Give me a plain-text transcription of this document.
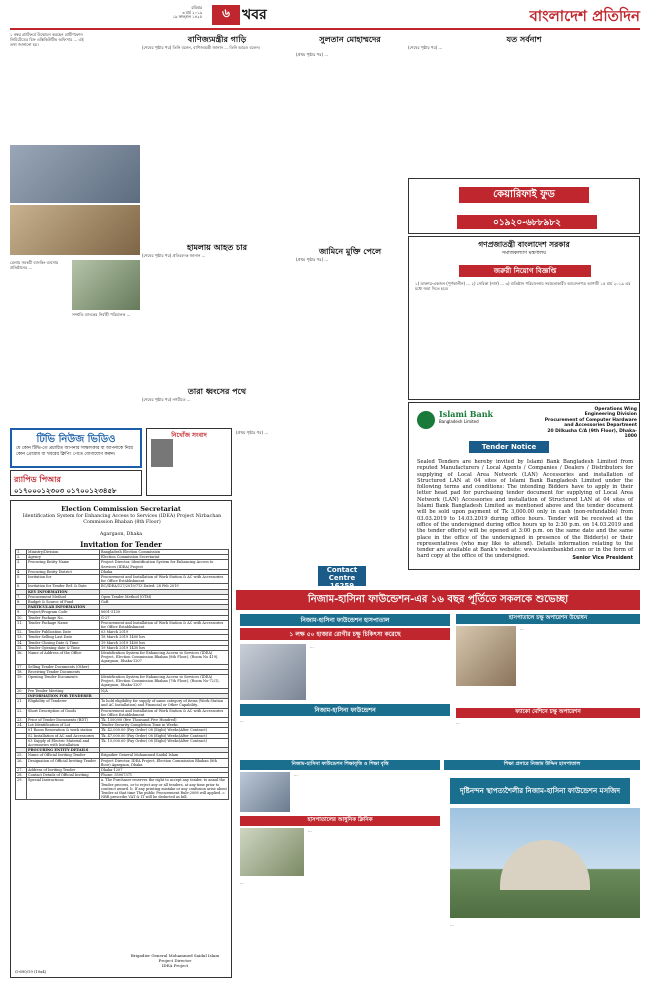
রবিবার
৩ মার্চ ২০১৯
১৯ ফাল্গুন ১৪২৫	৬ খবর	বাংলাদেশ প্রতিদিন
১ নম্বর প্ল্যাটফর্মে উন্মোচন করছেন গ্রামীণফোন লিমিটেডের চিফ এক্সিকিউটিভ অফিসার ... এই তথ্য জানানো হয়।
মেলায় সমন্বয়ী ব্যাংকিং ব্যবসায় প্রতিষ্ঠানের ...
সম্প্রতি ব্যাংকের নির্বাহী পরিচালক ...
টিভি নিউজ ভিডিও
যে কোন টিভি-তে প্রচারিত আপনার সাক্ষাৎকার বা আপনাকে নিয়ে কোন প্রোগ্রাম বা খবরের ক্লিপিং পেতে যোগাযোগ করুন।
র‍্যাপিড পিআর
০১৭০০০১২৩০৩ ০১৭০০১২৩৪৫৮
নিখোঁজ সংবাদ
বাণিজ্যমন্ত্রীর গাড়ি
(শেষের পৃষ্ঠার পর) তিনি বলেন, বাণিজ্যমন্ত্রী জানান ... তিনি আরও বলেন।
হামলায় আহত চার
(শেষের পৃষ্ঠার পর) প্রতিবেদক জানান ...
তারা ধ্বংসের পথে
(শেষের পৃষ্ঠার পর) নগরীতে ...
সুলতান মোহাম্মদের
(প্রথম পৃষ্ঠার পর) ...
জামিনে মুক্তি পেলে
(প্রথম পৃষ্ঠার পর) ...
যত সর্বনাশ
(শেষের পৃষ্ঠার পর) ...
কেয়ারিফাই ফুড
০১৯২০-৬৮৮৯৮২
গণপ্রজাতন্ত্রী বাংলাদেশ সরকার
সমাজকল্যাণ মন্ত্রণালয়
জরুরী নিয়োগ বিজ্ঞপ্তি
১) ডাক্তার-একজন (পূর্ণকালীন) ... ২) সেবিকা (নার্স) ... ৩) প্রতিষ্ঠান পরিচালনায় সহায়তাকারী। আবেদনপত্র আগামী ১৫ মার্চ ২০১৯ এর মধ্যে জমা দিতে হবে।
Islami Bank
Bangladesh Limited
Operations Wing
Engineering Division
Procurement of Computer Hardware
and Accessories Department
20 Dilkusha C/A (9th Floor), Dhaka-1000
Tender Notice
Sealed Tenders are hereby invited by Islami Bank Bangladesh Limited from reputed Manufacturers / Local Agents / Companies / Dealers / Distributors for supplying of Local Area Network (LAN) Accessories and installation of Structured LAN at 04 sites of Islami Bank Bangladesh Limited under the following terms and conditions: The intending Bidders have to apply in their letter head pad for purchasing tender document for supplying of Local Area Network (LAN) Accessories and installation of Structured LAN at 04 sites of Islami Bank Bangladesh Limited as mentioned above and the tender document will be sold upon payment of Tk 3,000.00 only in cash (non-refundable) from 03.03.2019 to 14.03.2019 during office hours. Tender will be received at the office of the undersigned during office hours up to 2:30 p.m. on 14.03.2019 and the tender offer(s) will be opened at 3:00 p.m. on the same date and the same place in the office of the undersigned in presence of the Bidder(s) or their representatives (who may like to attend). Details information relating to the tender are available at Bank's website: www.islamibankbd.com or in the form of hard copy at the office of the undersigned.	Senior Vice President
Election Commission Secretariat
Identification System for Enhancing Access to Services (IDEA) Project Nirbachan Commission Bhaban (8th Floor)
Agargaon, Dhaka
Invitation for Tender
1.	Ministry/Division	Bangladesh Election Commission
2.	Agency	Election Commission Secretariat
3.	Procuring Entity Name	Project Director, Identification System for Enhancing Access to Services (IDEA) Project
4.	Procuring Entity District	Dhaka
5.	Invitation for	Procurement and Installation of Work Station & AC with Accessories for Office Establishment
6.	Invitation for Tender Ref. & Date	EC/IDEA/127/2019/713 Dated: 28 Feb 2019
	KEY INFORMATION	
7.	Procurement Method	Open Tender Method (OTM)
8.	Budget & Source of Fund	GoB
	PARTICULAR INFORMATION	
9.	Project/Program Code	0601-5130
10.	Tender Package No.	G-27
11.	Tender Package Name	Procurement and Installation of Work Station & AC with Accessories for Office Establishment
12.	Tender Publication Date	03 March 2019
13.	Tender Selling Last Date	18 March 2019 1400 hrs
14.	Tender Closing Date & Time	19 March 2019 1400 hrs
15.	Tender Opening date & Time	19 March 2019 1430 hrs
16.	Name of Address of the Office	Identification System for Enhancing Access to Services (IDEA) Project, Election Commission Bhaban (8th Floor), (Room No 419), Agargaon, Dhaka-1207
17.	Selling Tender Documents (Other)	
18.	Receiving Tender Documents	
19.	Opening Tender Documents	Identification System for Enhancing Access to Services (IDEA) Project, Election Commission Bhaban (7th Floor), (Room No-72/1), Agargaon, Dhaka-1207
20.	Pre Tender Meeting	N/A
	INFORMATION FOR TENDERER	
21.	Eligibility of Tenderer	To hold eligibility for supply of same category of items (Work Station and AC Installation) and Financial or Other Capability.
22.	Short Description of Goods	Procurement and Installation of Work Station & AC with Accessories for Office Establishment
23.	Price of Tender Documents (BDT)	Tk. 1500/00 (five Thousand Five Hundred)
24.	Lot Identification of Lot	Tender Security Completion Time in Weeks
	01 Room Renovation & work station	Tk. 42,000.00 (Pay Order) 08 (Eight) Weeks(After Contract)
	02 Installation of AC and Accessories	Tk. 47,000.00 (Pay Order) 08 (Eight) Weeks(After Contract)
	03 Supply of Electric Material and Accessories with Installation	Tk. 15,000.00 (Pay Order) 08 (Eight) Weeks(After Contract)
	PROCURING ENTITY DETAILS	
25.	Name of Official Inviting Tender	Brigadier General Mohammed Saidul Islam
26.	Designation of Official Inviting Tender	Project Director, IDEA Project, Election Commission Bhaban (8th floor) Agargaon, Dhaka
27.	Address of Inviting Tender	Dhaka-1207
28.	Contact Details of Official Inviting	Phone: 55007371
29.	Special Instructions	a. The Purchaser reserves the right to accept any tender, to annul the Tender process, or to reject any or all tenders, at any time prior to contract award. b. If any printing mistake or any confusion arise about Tender at that time The public Procurement Rule-2008 will applied. c. NBR prescribe VAT & IT will be deducted as bill.
Brigadier General Mohammed Saidul Islam
Project Director
IDEA Project
G-690/19 (10x4)
(প্রথম পৃষ্ঠার পর) ...
Contact Centre 16259
নিজাম-হাসিনা ফাউন্ডেশন-এর ১৬ বছর পূর্তিতে সকলকে শুভেচ্ছা
নিজাম-হাসিনা ফাউন্ডেশন হাসপাতাল
১ লক্ষ ৫০ হাজার রোগীর চক্ষু চিকিৎসা করেছে
...
নিজাম-হাসিনা ফাউন্ডেশন
...
হাসপাতালে চক্ষু অপারেশন উদ্বোধন
...
ফ্যাকো মেশিনে চক্ষু অপারেশন
...
নিজাম-হাসিনা ফাউন্ডেশন শিক্ষাবৃত্তি ও শিক্ষা বৃত্তি	শিক্ষা প্রসারে নিজাম উদ্দিন হাসপাতাল
...
দৃষ্টিনন্দন স্থাপত্যশৈলীর নিজাম-হাসিনা ফাউন্ডেশন মসজিদ
হাসপাতালের আধুনিক ক্লিনিক
...
...
...
